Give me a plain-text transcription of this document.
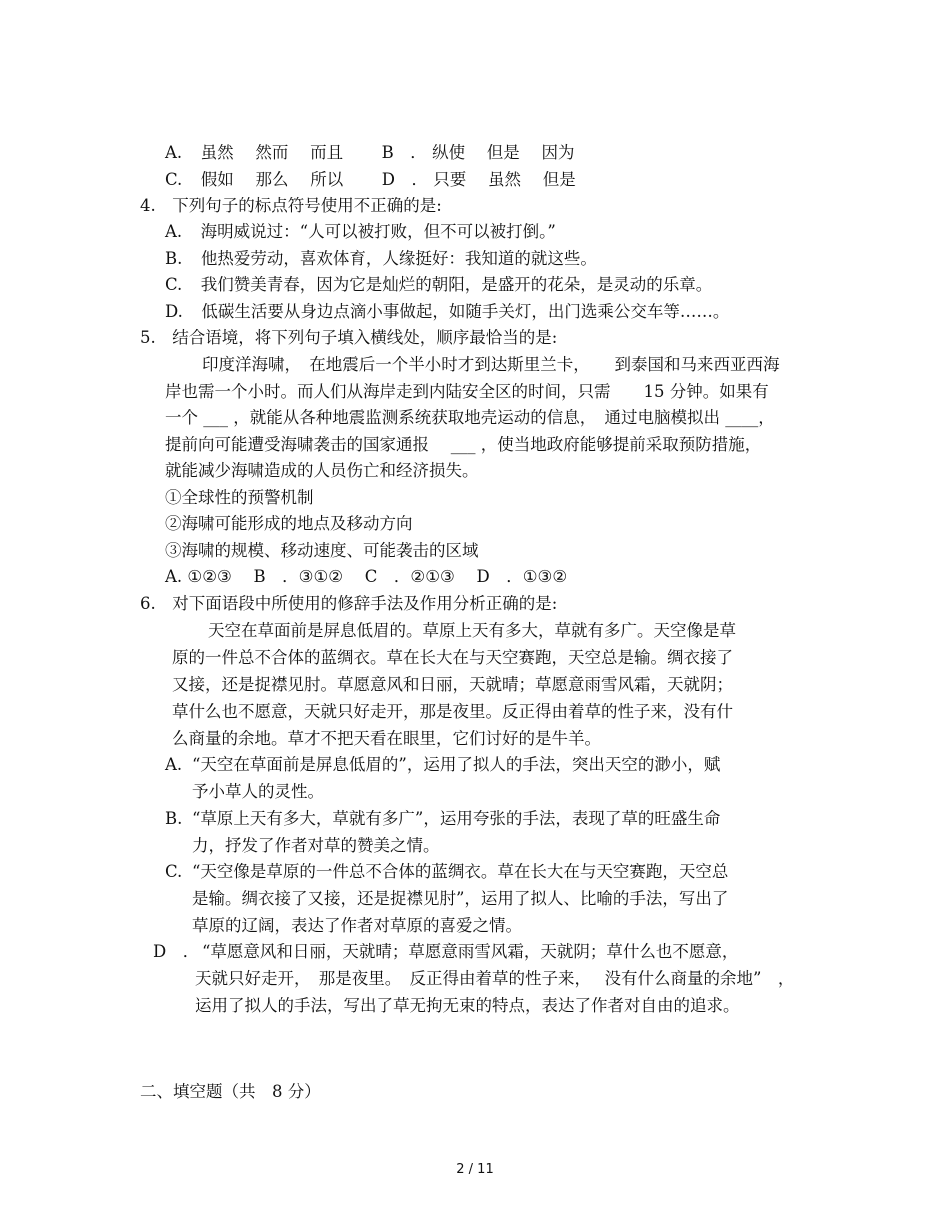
A. 虽然　 然而　 而且 B　． 纵使　 但是　 因为
C. 假如　 那么　 所以 D　． 只要　 虽然　 但是
4. 下列句子的标点符号使用不正确的是:
A. 海明威说过：“人可以被打败，但不可以被打倒。”
B. 他热爱劳动，喜欢体育，人缘挺好：我知道的就这些。
C. 我们赞美青春，因为它是灿烂的朝阳，是盛开的花朵，是灵动的乐章。
D. 低碳生活要从身边点滴小事做起，如随手关灯，出门选乘公交车等……。
5. 结合语境，将下列句子填入横线处，顺序最恰当的是:
印度洋海啸，　在地震后一个半小时才到达斯里兰卡，　　到泰国和马来西亚西海
岸也需一个小时。而人们从海岸走到内陆安全区的时间，只需　　15 分钟。如果有
一个 ___ ，就能从各种地震监测系统获取地壳运动的信息，　通过电脑模拟出 ____，
提前向可能遭受海啸袭击的国家通报　 ___ ，使当地政府能够提前采取预防措施，
就能减少海啸造成的人员伤亡和经济损失。
①全球性的预警机制
②海啸可能形成的地点及移动方向
③海啸的规模、移动速度、可能袭击的区域
A. ①②③　 B　．③①②　 C　．②①③　 D　．①③②
6. 对下面语段中所使用的修辞手法及作用分析正确的是:
天空在草面前是屏息低眉的。草原上天有多大，草就有多广。天空像是草
原的一件总不合体的蓝绸衣。草在长大在与天空赛跑，天空总是输。绸衣接了
又接，还是捉襟见肘。草愿意风和日丽，天就晴；草愿意雨雪风霜，天就阴；
草什么也不愿意，天就只好走开，那是夜里。反正得由着草的性子来，没有什
么商量的余地。草才不把天看在眼里，它们讨好的是牛羊。
A. “天空在草面前是屏息低眉的”，运用了拟人的手法，突出天空的渺小，赋
予小草人的灵性。
B. “草原上天有多大，草就有多广”，运用夸张的手法，表现了草的旺盛生命
力，抒发了作者对草的赞美之情。
C. “天空像是草原的一件总不合体的蓝绸衣。草在长大在与天空赛跑，天空总
是输。绸衣接了又接，还是捉襟见肘”，运用了拟人、比喻的手法，写出了
草原的辽阔，表达了作者对草原的喜爱之情。
D　． “草愿意风和日丽，天就晴；草愿意雨雪风霜，天就阴；草什么也不愿意，
天就只好走开，　那是夜里。　反正得由着草的性子来，　 没有什么商量的余地”　，
运用了拟人的手法，写出了草无拘无束的特点，表达了作者对自由的追求。
二、填空题（共　8 分）
2 / 11
